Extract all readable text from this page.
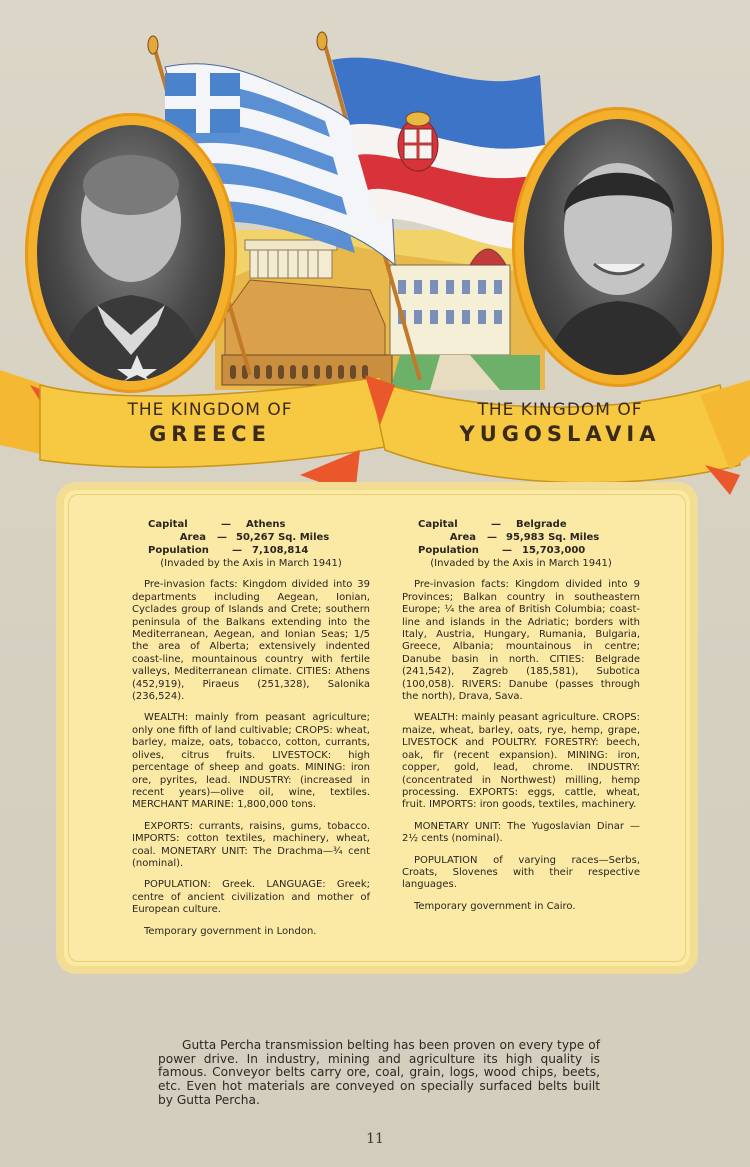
THE KINGDOM OF
GREECE
THE KINGDOM OF
YUGOSLAVIA
Capital	—	Athens
Area	— 50,267 Sq. Miles
Population	—	7,108,814
(Invaded by the Axis in March 1941)

Pre-invasion facts: Kingdom divided into 39 departments including Aegean, Ionian, Cyclades group of Islands and Crete; southern peninsula of the Balkans extending into the Mediterranean, Aegean, and Ionian Seas; 1/5 the area of Alberta; extensively indented coast-line, mountainous country with fertile valleys, Mediterranean climate. CITIES: Athens (452,919), Piraeus (251,328), Salonika (236,524).

WEALTH: mainly from peasant agriculture; only one fifth of land cultivable; CROPS: wheat, barley, maize, oats, tobacco, cotton, currants, olives, citrus fruits. LIVESTOCK: high percentage of sheep and goats. MINING: iron ore, pyrites, lead. INDUSTRY: (increased in recent years)—olive oil, wine, textiles. MERCHANT MARINE: 1,800,000 tons.

EXPORTS: currants, raisins, gums, tobacco. IMPORTS: cotton textiles, machinery, wheat, coal. MONETARY UNIT: The Drachma—¾ cent (nominal).

POPULATION: Greek. LANGUAGE: Greek; centre of ancient civilization and mother of European culture.

Temporary government in London.

Capital	—	Belgrade
Area	— 95,983 Sq. Miles
Population	—	15,703,000
(Invaded by the Axis in March 1941)

Pre-invasion facts: Kingdom divided into 9 Provinces; Balkan country in southeastern Europe; ¼ the area of British Columbia; coast-line and islands in the Adriatic; borders with Italy, Austria, Hungary, Rumania, Bulgaria, Greece, Albania; mountainous in centre; Danube basin in north. CITIES: Belgrade (241,542), Zagreb (185,581), Subotica (100,058). RIVERS: Danube (passes through the north), Drava, Sava.

WEALTH: mainly peasant agriculture. CROPS: maize, wheat, barley, oats, rye, hemp, grape, LIVESTOCK and POULTRY. FORESTRY: beech, oak, fir (recent expansion). MINING: iron, copper, gold, lead, chrome. INDUSTRY: (concentrated in Northwest) milling, hemp processing. EXPORTS: eggs, cattle, wheat, fruit. IMPORTS: iron goods, textiles, machinery.

MONETARY UNIT: The Yugoslavian Dinar —2½ cents (nominal).

POPULATION of varying races—Serbs, Croats, Slovenes with their respective languages.

Temporary government in Cairo.

Gutta Percha transmission belting has been proven on every type of power drive. In industry, mining and agriculture its high quality is famous. Conveyor belts carry ore, coal, grain, logs, wood chips, beets, etc. Even hot materials are conveyed on specially surfaced belts built by Gutta Percha.

11
